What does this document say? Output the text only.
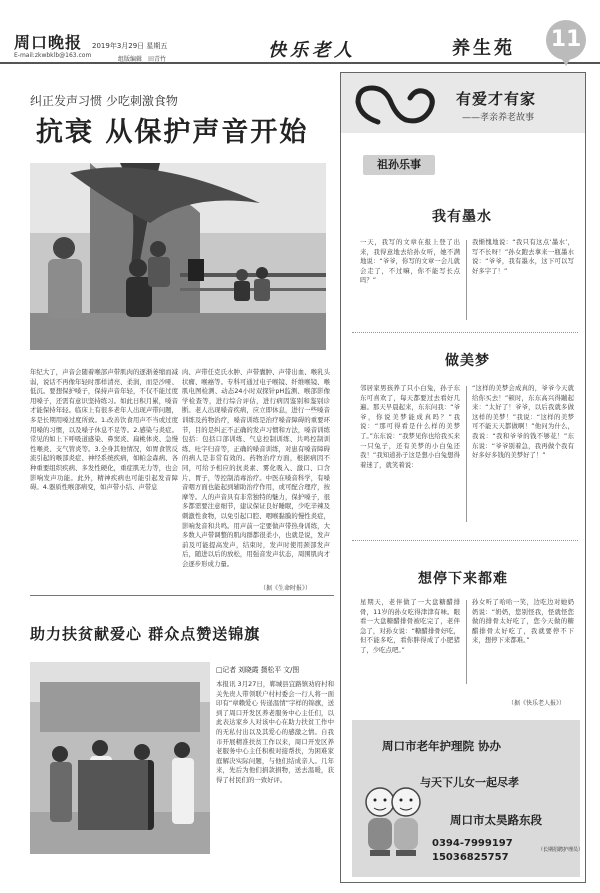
周口晚报
E-mail:zkwbklb@163.com
2019年3月29日 星期五
组版编辑　田青竹	快乐老人	养生苑 11
纠正发声习惯 少吃刺激食物
抗衰 从保护声音开始
年纪大了，声音会随着喉部声带肌肉的逐渐萎缩而减弱，说话不再像年轻时那样清亮、柔润，而是沙哑、低沉。要想保护嗓子，保持声音年轻，不仅不能过度用嗓子，还需有意识坚持练习。如此日积月累，嗓音才能保持年轻。临床上有很多老年人出现声带问题，多是长期用嗓过度所致。1.改善饮食用声不当或过度用嗓的习惯，以及嗓子休息不足等。2.感染与炎症。常见的如上下呼吸道感染、鼻窦炎、扁桃体炎、急慢性喉炎、支气管炎等。3.全身其他情况，如胃食管反流引起的喉部炎症、神经系统疾病，如帕金森病、各种重要组织疾病、多发性硬化，重症肌无力等，也会影响发声功能。此外，精神疾病也可能引起发音障碍。4.器质性喉部病变，如声带小结、声带息
肉、声带任克氏水肿、声带囊肿、声带出血、喉乳头状瘤、喉癌等。专科可通过电子喉镜、纤维喉镜、喉肌电图检测、动态24小时双探针pH监测、喉部影像学检查等，进行综合评估，进行病因鉴别和鉴别诊断。老人出现嗓音疾病，应立即休息，进行一些嗓音训练及药物治疗，嗓音训练是治疗嗓音障碍的重要环节，目的是纠正不正确的发声习惯和方法，嗓音训练包括：包括口部训练、气息控制训练、共鸣控制训练、吐字归音等，正确的嗓音训练，对患有嗓音障碍的病人是非常有效的。药物治疗方面，根据病因不同，可给予相应的抗炎素、雾化吸入、激口、口含片、胃子，等控制消毒治疗。中医在嗓音科学，有嗓音咽方面也能起到辅助治疗作用，或可配合理疗，按摩等。人的声音具有非常独特的魅力，保护嗓子，很多都需要注意细节，建议保证良好睡眠，少吃辛辣及刺激性食物，以免引起口腔、咽喉黏膜的慢性炎症，影响发音和共鸣。用声前一定要做声带热身训练，大多数人声带调整的肌肉群都很柔小，也就是说，发声前及可能提高发声，结束时，发声时使用颈部发声后，随进以后的放松，用强音发声状态，周围肌肉才会逐步形成力量。
（据《生命时报》）
助力扶贫献爱心 群众点赞送锦旗
□记者 刘晓霞 摄松平 文/图
本报讯 3月27日，郸城县宜路镇劝府村和关先贵人带领联户村村委会一行人将一面印有“章赖爱心 传递温情”字样的锦旗，送到了周口开发区养老服务中心主任们，以此表达家乡人对该中心在助力扶贫工作中的无私付出以及其爱心的感激之情。自我市开展精准扶贫工作以来，周口开发区养老服务中心主任积极对接帮扶，为困难家庭解决实际问题，与他们结成亲人。几年来，先后为他们捐款捐物，送去温暖，获得了村民们的一致好评。
有爱才有家
——孝亲养老故事
祖孙乐事
我有墨水
一天，我写的文章在报上登了出来，我得意地去给孙女听，她不满地说：“爷爷，你写的文章一会儿就会走了，不过嘛，你不能写长点吗？”
我惭愧地说：“我只有这点‘墨水’，写不长呀！”孙女跑去拿来一瓶墨水说：“爷爷，我有墨水，这下可以写好多字了！”
做美梦
邻居家男孩养了只小白兔，孙子东东可喜欢了，每天都要过去看好几遍。那天早晨起来，东东问我：“爷爷，你说美梦能成真吗？”我说：“那可得看是什么样的美梦了。”东东说：“我梦见你也给我买来一只兔子，还有美梦的小白兔还我！”我知道孙子这是想小白兔想得着迷了，就笑着说：
“这样的美梦会成真的，爷爷今天就给你买去！”顿时，东东高兴得蹦起来：“太好了！爷爷，以后我就多做这样的美梦！”我说：“这样的美梦可不能天天都做啊！”他问为什么，我说：“我和爷爷的钱不够花！”东东说：“爷爷别着急，我再做个我有好多好多钱的美梦好了！”
想停下来都难
星期天，老伴做了一大盘糖醋排骨，11岁的孙女吃得津津有味。眼看一大盘糖醋排骨被吃完了，老伴急了，对孙女说：“糖醋排骨好吃，但不能多吃，看你胖得成了小肥猪了，少吃点吧。”
孙女听了哈哈一笑，边吃边对她奶奶说：“奶奶，您别怪我，怪就怪您做的排骨太好吃了，您今天做的糖醋排骨太好吃了，我就要停不下来，想停下来都难。”
（据《快乐老人报》）
周口市老年护理院 协办
与天下儿女一起尽孝
周口市太昊路东段
0394-7999197
15036825757
（长期招聘护理员）
